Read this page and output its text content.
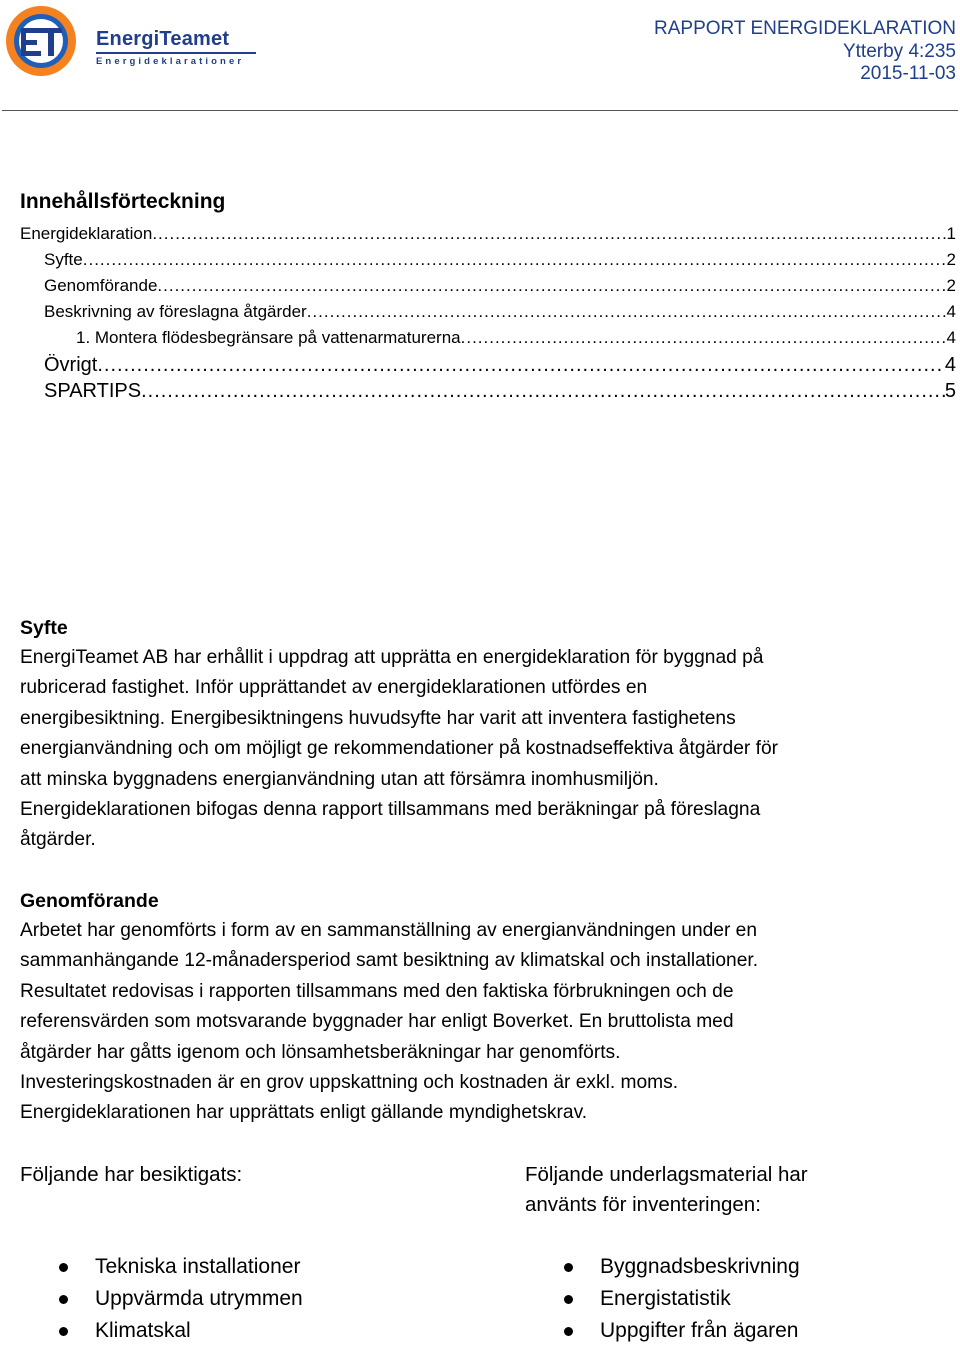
EnergiTeamet
Energideklarationer
RAPPORT ENERGIDEKLARATION
Ytterby 4:235
2015-11-03
Innehållsförteckning
Energideklaration .....	1
Syfte .....	2
Genomförande .....	2
Beskrivning av föreslagna åtgärder .....	4
1. Montera flödesbegränsare på vattenarmaturerna .....	4
Övrigt .....	4
SPARTIPS .....	5
Syfte

EnergiTeamet AB har erhållit i uppdrag att upprätta en energideklaration för byggnad på

rubricerad fastighet. Inför upprättandet av energideklarationen utfördes en

energibesiktning. Energibesiktningens huvudsyfte har varit att inventera fastighetens

energianvändning och om möjligt ge rekommendationer på kostnadseffektiva åtgärder för

att minska byggnadens energianvändning utan att försämra inomhusmiljön.

Energideklarationen bifogas denna rapport tillsammans med beräkningar på föreslagna

åtgärder.

Genomförande

Arbetet har genomförts i form av en sammanställning av energianvändningen under en

sammanhängande 12-månadersperiod samt besiktning av klimatskal och installationer.

Resultatet redovisas i rapporten tillsammans med den faktiska förbrukningen och de

referensvärden som motsvarande byggnader har enligt Boverket. En bruttolista med

åtgärder har gåtts igenom och lönsamhetsberäkningar har genomförts.

Investeringskostnaden är en grov uppskattning och kostnaden är exkl. moms.

Energideklarationen har upprättats enligt gällande myndighetskrav.

Följande har besiktigats:	Följande underlagsmaterial har
använts för inventeringen:
Tekniska installationer
Uppvärmda utrymmen
Klimatskal
Byggnadsbeskrivning
Energistatistik
Uppgifter från ägaren
